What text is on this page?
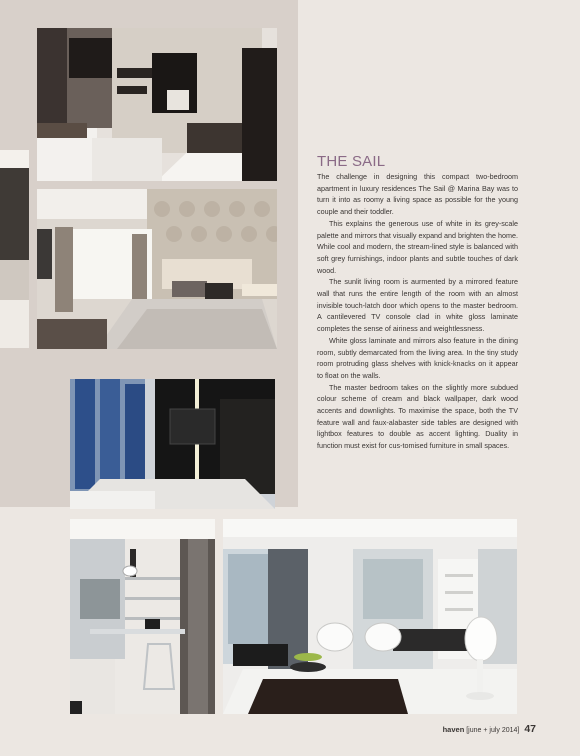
THE SAIL

The challenge in designing this compact two-bedroom apartment in luxury residences The Sail @ Marina Bay was to turn it into as roomy a living space as possible for the young couple and their toddler.

This explains the generous use of white in its grey-scale palette and mirrors that visually expand and brighten the home. While cool and modern, the stream-lined style is balanced with soft grey furnishings, indoor plants and subtle touches of dark wood.

The sunlit living room is aurmented by a mirrored feature wall that runs the entire length of the room with an almost invisible touch-latch door which opens to the master bedroom. A cantilevered TV console clad in white gloss laminate completes the sense of airiness and weightlessness.

White gloss laminate and mirrors also feature in the dining room, subtly demarcated from the living area. In the tiny study room protruding glass shelves with knick-knacks on it appear to float on the walls.

The master bedroom takes on the slightly more subdued colour scheme of cream and black wallpaper, dark wood accents and downlights. To maximise the space, both the TV feature wall and faux-alabaster side tables are designed with lightbox features to double as accent lighting. Duality in function must exist for cus-tomised furniture in small spaces.

haven [june + july 2014] 47
